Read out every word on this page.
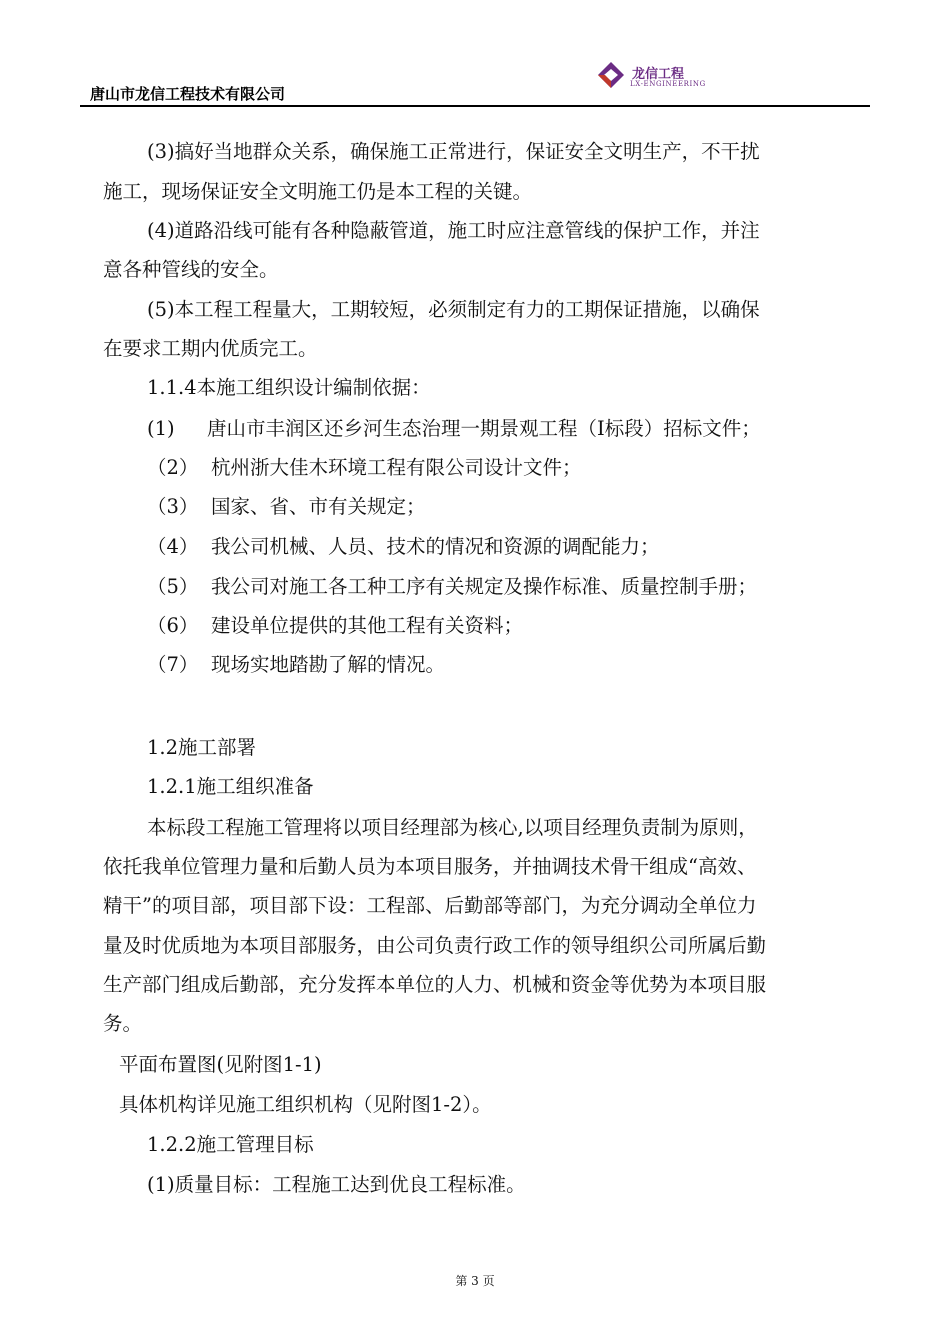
唐山市龙信工程技术有限公司
龙信工程
LX-ENGINEERING
(3)搞好当地群众关系，确保施工正常进行，保证安全文明生产，不干扰
施工，现场保证安全文明施工仍是本工程的关键。
(4)道路沿线可能有各种隐蔽管道，施工时应注意管线的保护工作，并注
意各种管线的安全。
(5)本工程工程量大，工期较短，必须制定有力的工期保证措施，以确保
在要求工期内优质完工。
1.1.4本施工组织设计编制依据：
(1) 唐山市丰润区还乡河生态治理一期景观工程（Ⅰ标段）招标文件；
（2） 杭州浙大佳木环境工程有限公司设计文件；
（3） 国家、省、市有关规定；
（4） 我公司机械、人员、技术的情况和资源的调配能力；
（5） 我公司对施工各工种工序有关规定及操作标准、质量控制手册；
（6） 建设单位提供的其他工程有关资料；
（7） 现场实地踏勘了解的情况。
1.2施工部署
1.2.1施工组织准备
本标段工程施工管理将以项目经理部为核心,以项目经理负责制为原则，
依托我单位管理力量和后勤人员为本项目服务，并抽调技术骨干组成“高效、
精干”的项目部，项目部下设：工程部、后勤部等部门，为充分调动全单位力
量及时优质地为本项目部服务，由公司负责行政工作的领导组织公司所属后勤
生产部门组成后勤部，充分发挥本单位的人力、机械和资金等优势为本项目服
务。
平面布置图(见附图1-1)
具体机构详见施工组织机构（见附图1-2）。
1.2.2施工管理目标
(1)质量目标：工程施工达到优良工程标准。
第 3 页
